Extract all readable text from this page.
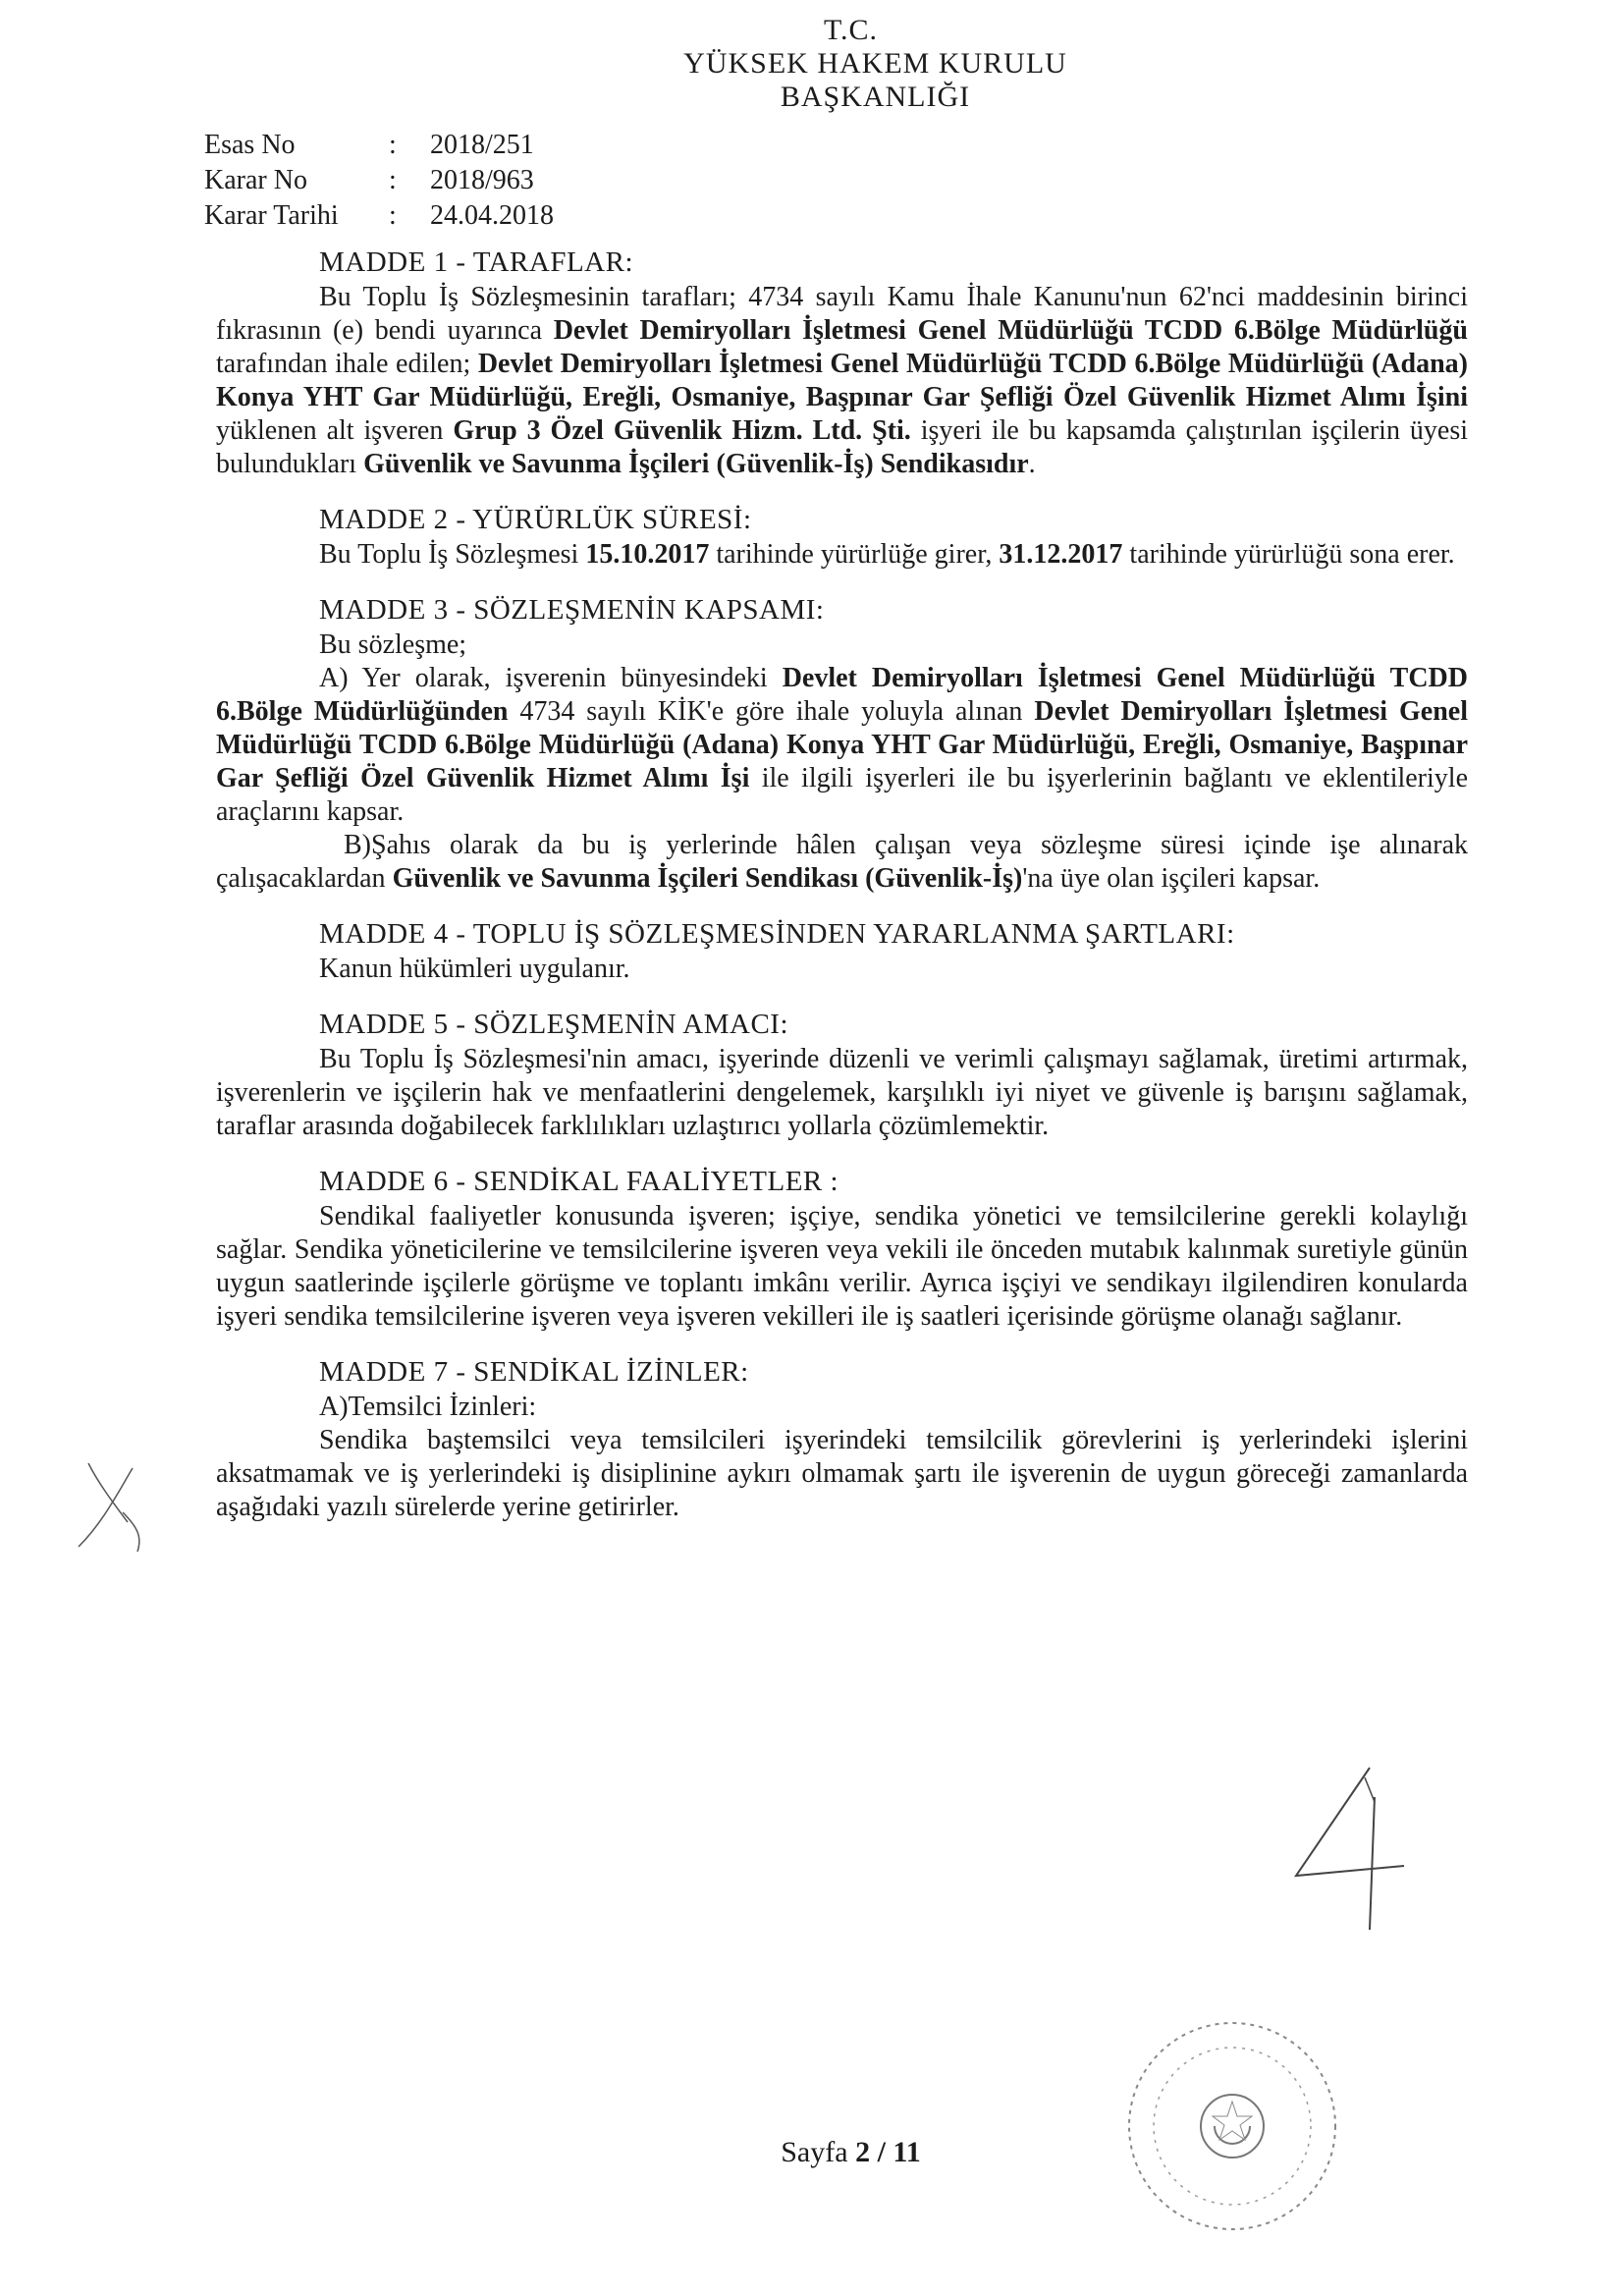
T.C.
YÜKSEK HAKEM KURULU
BAŞKANLIĞI
Esas No	:	2018/251
Karar No	:	2018/963
Karar Tarihi	:	24.04.2018
MADDE 1 - TARAFLAR:

Bu Toplu İş Sözleşmesinin tarafları; 4734 sayılı Kamu İhale Kanunu'nun 62'nci maddesinin birinci fıkrasının (e) bendi uyarınca Devlet Demiryolları İşletmesi Genel Müdürlüğü TCDD 6.Bölge Müdürlüğü tarafından ihale edilen; Devlet Demiryolları İşletmesi Genel Müdürlüğü TCDD 6.Bölge Müdürlüğü (Adana) Konya YHT Gar Müdürlüğü, Ereğli, Osmaniye, Başpınar Gar Şefliği Özel Güvenlik Hizmet Alımı İşini yüklenen alt işveren Grup 3 Özel Güvenlik Hizm. Ltd. Şti. işyeri ile bu kapsamda çalıştırılan işçilerin üyesi bulundukları Güvenlik ve Savunma İşçileri (Güvenlik-İş) Sendikasıdır.

MADDE 2 - YÜRÜRLÜK SÜRESİ:

Bu Toplu İş Sözleşmesi 15.10.2017 tarihinde yürürlüğe girer, 31.12.2017 tarihinde yürürlüğü sona erer.

MADDE 3 - SÖZLEŞMENİN KAPSAMI:
Bu sözleşme;

A) Yer olarak, işverenin bünyesindeki Devlet Demiryolları İşletmesi Genel Müdürlüğü TCDD 6.Bölge Müdürlüğünden 4734 sayılı KİK'e göre ihale yoluyla alınan Devlet Demiryolları İşletmesi Genel Müdürlüğü TCDD 6.Bölge Müdürlüğü (Adana) Konya YHT Gar Müdürlüğü, Ereğli, Osmaniye, Başpınar Gar Şefliği Özel Güvenlik Hizmet Alımı İşi ile ilgili işyerleri ile bu işyerlerinin bağlantı ve eklentileriyle araçlarını kapsar.

B)Şahıs olarak da bu iş yerlerinde hâlen çalışan veya sözleşme süresi içinde işe alınarak çalışacaklardan Güvenlik ve Savunma İşçileri Sendikası (Güvenlik-İş)'na üye olan işçileri kapsar.

MADDE 4 - TOPLU İŞ SÖZLEŞMESİNDEN YARARLANMA ŞARTLARI:
Kanun hükümleri uygulanır.
MADDE 5 - SÖZLEŞMENİN AMACI:

Bu Toplu İş Sözleşmesi'nin amacı, işyerinde düzenli ve verimli çalışmayı sağlamak, üretimi artırmak, işverenlerin ve işçilerin hak ve menfaatlerini dengelemek, karşılıklı iyi niyet ve güvenle iş barışını sağlamak, taraflar arasında doğabilecek farklılıkları uzlaştırıcı yollarla çözümlemektir.

MADDE 6 - SENDİKAL FAALİYETLER :

Sendikal faaliyetler konusunda işveren; işçiye, sendika yönetici ve temsilcilerine gerekli kolaylığı sağlar. Sendika yöneticilerine ve temsilcilerine işveren veya vekili ile önceden mutabık kalınmak suretiyle günün uygun saatlerinde işçilerle görüşme ve toplantı imkânı verilir. Ayrıca işçiyi ve sendikayı ilgilendiren konularda işyeri sendika temsilcilerine işveren veya işveren vekilleri ile iş saatleri içerisinde görüşme olanağı sağlanır.

MADDE 7 - SENDİKAL İZİNLER:
A)Temsilci İzinleri:

Sendika baştemsilci veya temsilcileri işyerindeki temsilcilik görevlerini iş yerlerindeki işlerini aksatmamak ve iş yerlerindeki iş disiplinine aykırı olmamak şartı ile işverenin de uygun göreceği zamanlarda aşağıdaki yazılı sürelerde yerine getirirler.

Sayfa 2 / 11
